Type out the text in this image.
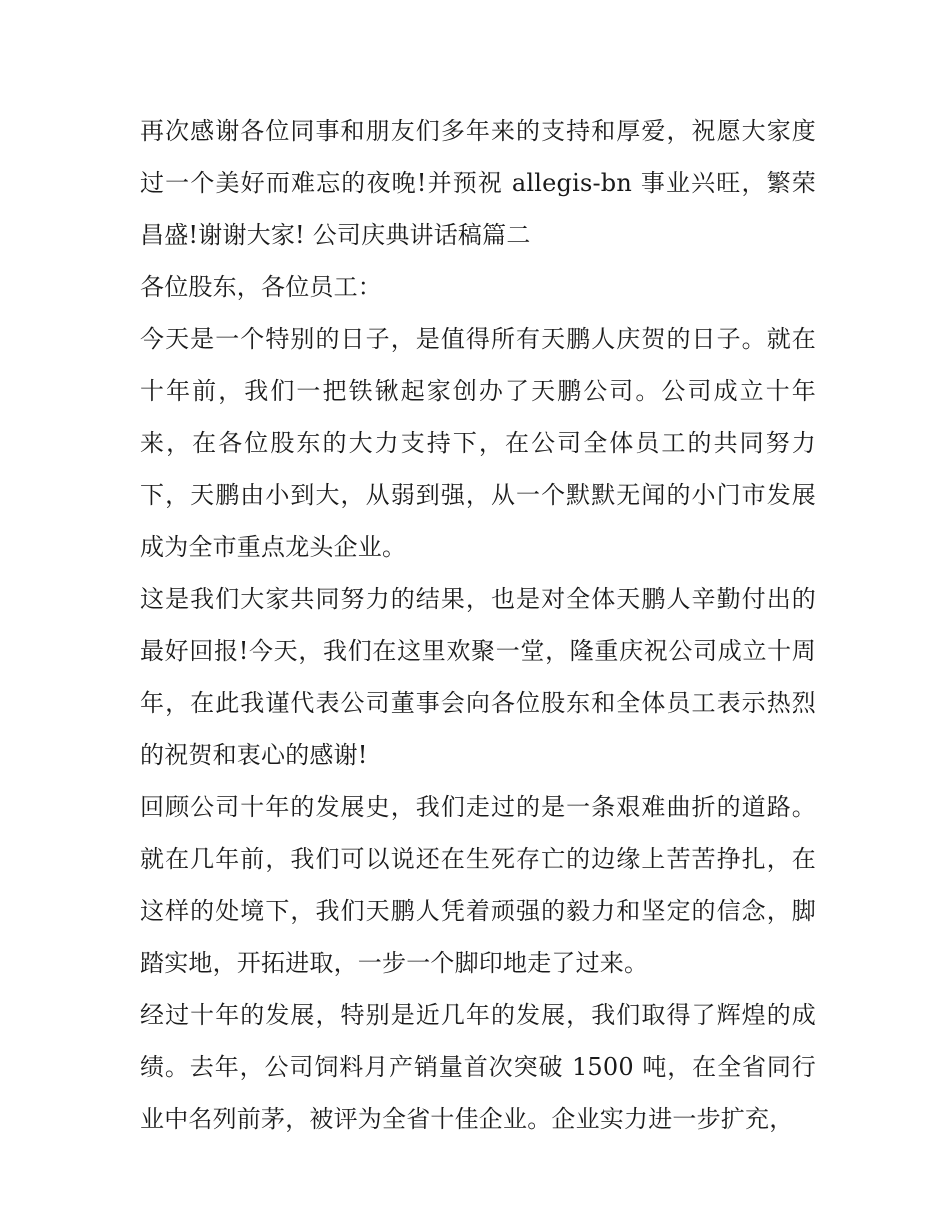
再次感谢各位同事和朋友们多年来的支持和厚爱，祝愿大家度过一个美好而难忘的夜晚!并预祝 allegis-bn 事业兴旺，繁荣昌盛!谢谢大家! 公司庆典讲话稿篇二

各位股东，各位员工：

今天是一个特别的日子，是值得所有天鹏人庆贺的日子。就在十年前，我们一把铁锹起家创办了天鹏公司。公司成立十年来，在各位股东的大力支持下，在公司全体员工的共同努力下，天鹏由小到大，从弱到强，从一个默默无闻的小门市发展成为全市重点龙头企业。

这是我们大家共同努力的结果，也是对全体天鹏人辛勤付出的最好回报!今天，我们在这里欢聚一堂，隆重庆祝公司成立十周年，在此我谨代表公司董事会向各位股东和全体员工表示热烈的祝贺和衷心的感谢!

回顾公司十年的发展史，我们走过的是一条艰难曲折的道路。就在几年前，我们可以说还在生死存亡的边缘上苦苦挣扎，在这样的处境下，我们天鹏人凭着顽强的毅力和坚定的信念，脚踏实地，开拓进取，一步一个脚印地走了过来。

经过十年的发展，特别是近几年的发展，我们取得了辉煌的成绩。去年，公司饲料月产销量首次突破 1500 吨，在全省同行业中名列前茅，被评为全省十佳企业。企业实力进一步扩充，
